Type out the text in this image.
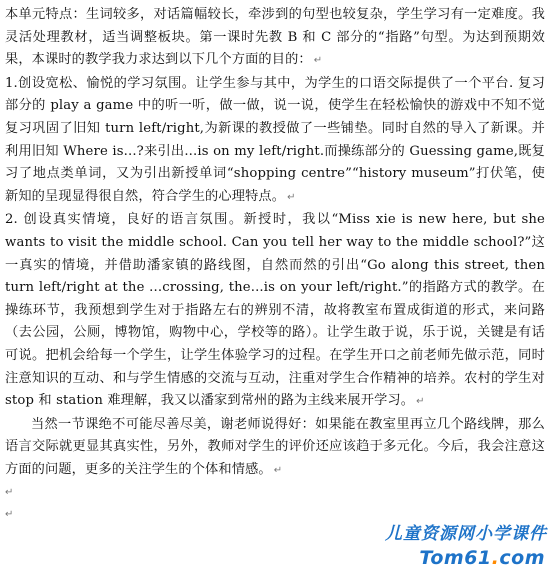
本单元特点：生词较多，对话篇幅较长，牵涉到的句型也较复杂，学生学习有一定难度。我灵活处理教材，适当调整板块。第一课时先教 B 和 C 部分的“指路”句型。为达到预期效果，本课时的教学我力求达到以下几个方面的目的： ↵

1.创设宽松、愉悦的学习氛围。让学生参与其中，为学生的口语交际提供了一个平台. 复习部分的 play a game 中的听一听，做一做，说一说，使学生在轻松愉快的游戏中不知不觉复习巩固了旧知 turn left/right,为新课的教授做了一些铺垫。同时自然的导入了新课。并利用旧知 Where is...?来引出...is on my left/right.而操练部分的 Guessing game,既复习了地点类单词，又为引出新授单词“shopping centre”“history museum”打伏笔，使新知的呈现显得很自然，符合学生的心理特点。 ↵

2. 创设真实情境，良好的语言氛围。新授时，我以“Miss xie is new here, but she wants to visit the middle school. Can you tell her way to the middle school?”这一真实的情境，并借助潘家镇的路线图，自然而然的引出“Go along this street, then turn left/right at the ...crossing, the...is on your left/right.”的指路方式的教学。在操练环节，我预想到学生对于指路左右的辨别不清，故将教室布置成街道的形式，来问路（去公园，公厕，博物馆，购物中心，学校等的路）。让学生敢于说，乐于说，关键是有话可说。把机会给每一个学生，让学生体验学习的过程。在学生开口之前老师先做示范，同时注意知识的互动、和与学生情感的交流与互动，注重对学生合作精神的培养。农村的学生对 stop 和 station 难理解，我又以潘家到常州的路为主线来展开学习。 ↵

当然一节课绝不可能尽善尽美，谢老师说得好：如果能在教室里再立几个路线牌，那么语言交际就更显其真实性，另外，教师对学生的评价还应该趋于多元化。今后，我会注意这方面的问题，更多的关注学生的个体和情感。 ↵

↵
↵
儿童资源网小学课件
Tom61.com
